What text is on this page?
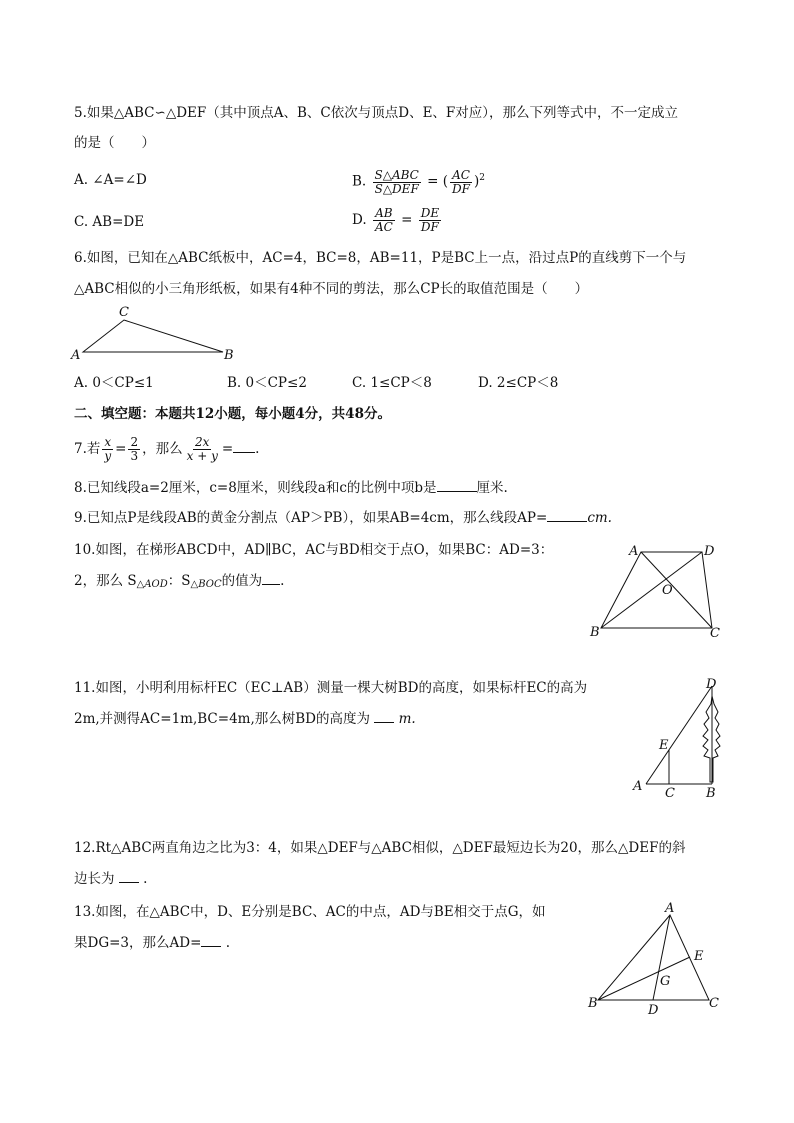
5.如果△ABC∽△DEF（其中顶点A、B、C依次与顶点D、E、F对应），那么下列等式中，不一定成立
的是（　　）
A. ∠A=∠D	B. $\frac{\text{S△ABC}}{\text{S△DEF}}$ = ( $\frac{AC}{DF} )^2$
C. AB=DE	D. $\frac{AB}{AC} = \frac{DE}{DF}$
6.如图，已知在△ABC纸板中，AC=4，BC=8，AB=11，P是BC上一点，沿过点P的直线剪下一个与
△ABC相似的小三角形纸板，如果有4种不同的剪法，那么CP长的取值范围是（　　）
C
A	B
A. 0＜CP≤1	B. 0＜CP≤2	C. 1≤CP＜8	D. 2≤CP＜8
二、填空题：本题共12小题，每小题4分，共48分。
7.若 $\frac{x}{y} = \frac{2}{3}$ ，那么 $\frac{2x}{x + y}$ = .
8.已知线段a=2厘米，c=8厘米，则线段a和c的比例中项b是	厘米.
9.已知点P是线段AB的黄金分割点（AP＞PB），如果AB=4cm，那么线段AP=	cm.
10.如图，在梯形ABCD中，AD∥BC，AC与BD相交于点O，如果BC：AD=3：
2，那么 $S_{\triangle AOD}$：$S_{\triangle BOC}$的值为 .
A	D
O
B	C
11.如图，小明利用标杆EC（EC⊥AB）测量一棵大树BD的高度，如果标杆EC的高为
2m,并测得AC=1m,BC=4m,那么树BD的高度为 m.
D
E
A C B
12.Rt△ABC两直角边之比为3：4，如果△DEF与△ABC相似，△DEF最短边长为20，那么△DEF的斜
边长为 .
13.如图，在△ABC中，D、E分别是BC、AC的中点，AD与BE相交于点G，如
果DG=3，那么AD= .
A
E
G
B	D	C
